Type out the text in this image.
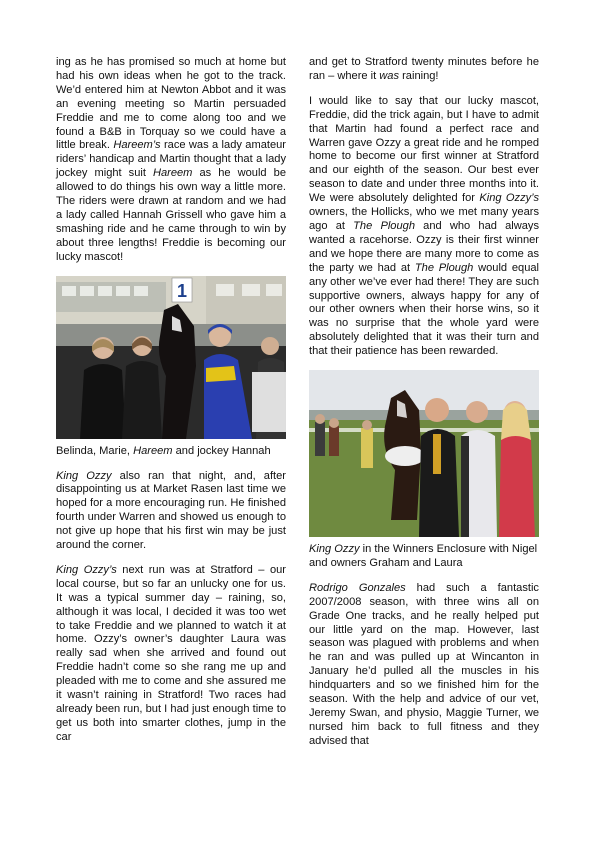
ing as he has promised so much at home but had his own ideas when he got to the track. We’d entered him at Newton Abbot and it was an evening meeting so Martin persuaded Freddie and me to come along too and we found a B&B in Torquay so we could have a little break. Hareem’s race was a lady amateur riders’ handicap and Martin thought that a lady jockey might suit Hareem as he would be allowed to do things his own way a little more. The riders were drawn at random and we had a lady called Hannah Grissell who gave him a smashing ride and he came through to win by about three lengths! Freddie is becoming our lucky mascot!

1

Belinda, Marie, Hareem and jockey Hannah

King Ozzy also ran that night, and, after disappointing us at Market Rasen last time we hoped for a more encouraging run. He finished fourth under Warren and showed us enough to not give up hope that his first win may be just around the corner.

King Ozzy’s next run was at Stratford – our local course, but so far an unlucky one for us. It was a typical summer day – raining, so, although it was local, I decided it was too wet to take Freddie and we planned to watch it at home. Ozzy’s owner’s daughter Laura was really sad when she arrived and found out Freddie hadn’t come so she rang me up and pleaded with me to come and she assured me it wasn’t raining in Stratford! Two races had already been run, but I had just enough time to get us both into smarter clothes, jump in the car

and get to Stratford twenty minutes before he ran – where it was raining!

I would like to say that our lucky mascot, Freddie, did the trick again, but I have to admit that Martin had found a perfect race and Warren gave Ozzy a great ride and he romped home to become our first winner at Stratford and our eighth of the season. Our best ever season to date and under three months into it. We were absolutely delighted for King Ozzy’s owners, the Hollicks, who we met many years ago at The Plough and who had always wanted a racehorse. Ozzy is their first winner and we hope there are many more to come as the party we had at The Plough would equal any other we’ve ever had there! They are such supportive owners, always happy for any of our other owners when their horse wins, so it was no surprise that the whole yard were absolutely delighted that it was their turn and that their patience has been rewarded.

King Ozzy in the Winners Enclosure with Nigel and owners Graham and Laura

Rodrigo Gonzales had such a fantastic 2007/2008 season, with three wins all on Grade One tracks, and he really helped put our little yard on the map. However, last season was plagued with problems and when he ran and was pulled up at Wincanton in January he’d pulled all the muscles in his hindquarters and so we finished him for the season. With the help and advice of our vet, Jeremy Swan, and physio, Maggie Turner, we nursed him back to full fitness and they advised that
